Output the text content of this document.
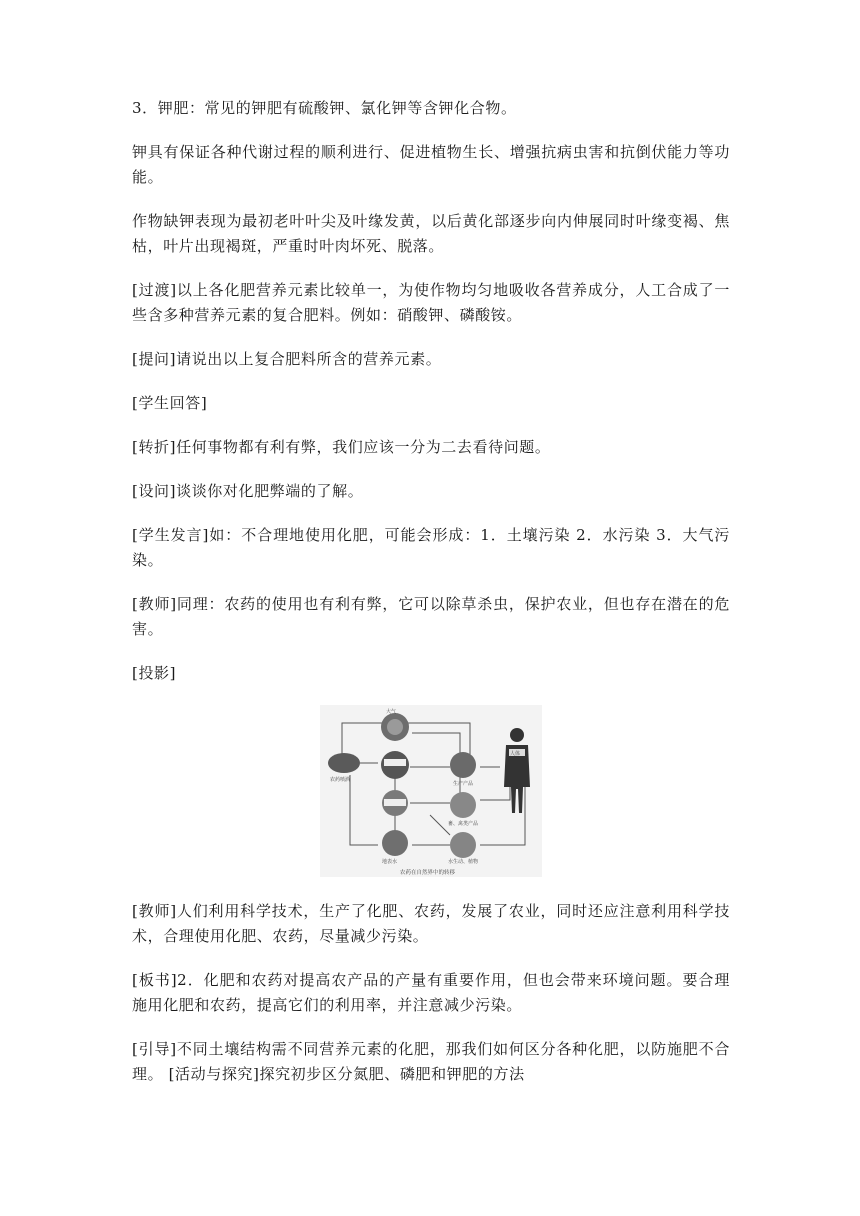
3．钾肥：常见的钾肥有硫酸钾、氯化钾等含钾化合物。

钾具有保证各种代谢过程的顺利进行、促进植物生长、增强抗病虫害和抗倒伏能力等功能。

作物缺钾表现为最初老叶叶尖及叶缘发黄，以后黄化部逐步向内伸展同时叶缘变褐、焦枯，叶片出现褐斑，严重时叶肉坏死、脱落。

[过渡]以上各化肥营养元素比较单一，为使作物均匀地吸收各营养成分，人工合成了一些含多种营养元素的复合肥料。例如：硝酸钾、磷酸铵。

[提问]请说出以上复合肥料所含的营养元素。

[学生回答]

[转折]任何事物都有利有弊，我们应该一分为二去看待问题。

[设问]谈谈你对化肥弊端的了解。

[学生发言]如：不合理地使用化肥，可能会形成：1．土壤污染 2．水污染 3．大气污染。

[教师]同理：农药的使用也有利有弊，它可以除草杀虫，保护农业，但也存在潜在的危害。

[投影]

人体
农药喷洒
生产产品
畜、禽类产品
地表水	水生动、植物
大气
农药在自然界中的转移

[教师]人们利用科学技术，生产了化肥、农药，发展了农业，同时还应注意利用科学技术，合理使用化肥、农药，尽量减少污染。

[板书]2．化肥和农药对提高农产品的产量有重要作用，但也会带来环境问题。要合理施用化肥和农药，提高它们的利用率，并注意减少污染。

[引导]不同土壤结构需不同营养元素的化肥，那我们如何区分各种化肥，以防施肥不合理。 [活动与探究]探究初步区分氮肥、磷肥和钾肥的方法
